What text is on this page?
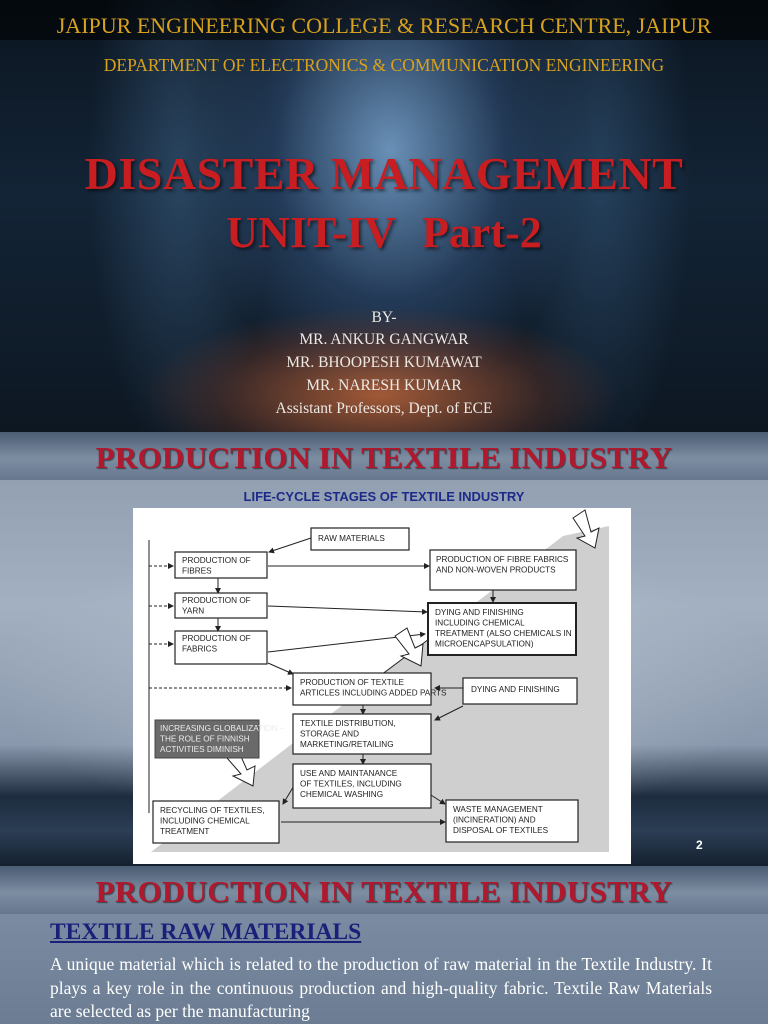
JAIPUR ENGINEERING COLLEGE & RESEARCH CENTRE, JAIPUR
DEPARTMENT OF ELECTRONICS & COMMUNICATION ENGINEERING
DISASTER MANAGEMENT
UNIT-IV Part-2
BY-
MR. ANKUR GANGWAR
MR. BHOOPESH KUMAWAT
MR. NARESH KUMAR
Assistant Professors, Dept. of ECE
PRODUCTION IN TEXTILE INDUSTRY
LIFE-CYCLE STAGES OF TEXTILE INDUSTRY
RAW MATERIALS
PRODUCTION OF
FIBRES
PRODUCTION OF
YARN
PRODUCTION OF
FABRICS
PRODUCTION OF FIBRE FABRICS
AND NON-WOVEN PRODUCTS
DYING AND FINISHING
INCLUDING CHEMICAL
TREATMENT (ALSO CHEMICALS IN
MICROENCAPSULATION)
PRODUCTION OF TEXTILE
ARTICLES INCLUDING ADDED PARTS	DYING AND FINISHING
TEXTILE DISTRIBUTION,
STORAGE AND
MARKETING/RETAILING
INCREASING GLOBALIZATION –
THE ROLE OF FINNISH
ACTIVITIES DIMINISH
USE AND MAINTANANCE
OF TEXTILES, INCLUDING
CHEMICAL WASHING
RECYCLING OF TEXTILES,
INCLUDING CHEMICAL
TREATMENT
WASTE MANAGEMENT
(INCINERATION) AND
DISPOSAL OF TEXTILES
2
PRODUCTION IN TEXTILE INDUSTRY
TEXTILE RAW MATERIALS
A unique material which is related to the production of raw material in the Textile Industry. It plays a key role in the continuous production and high-quality fabric. Textile Raw Materials are selected as per the manufacturing
